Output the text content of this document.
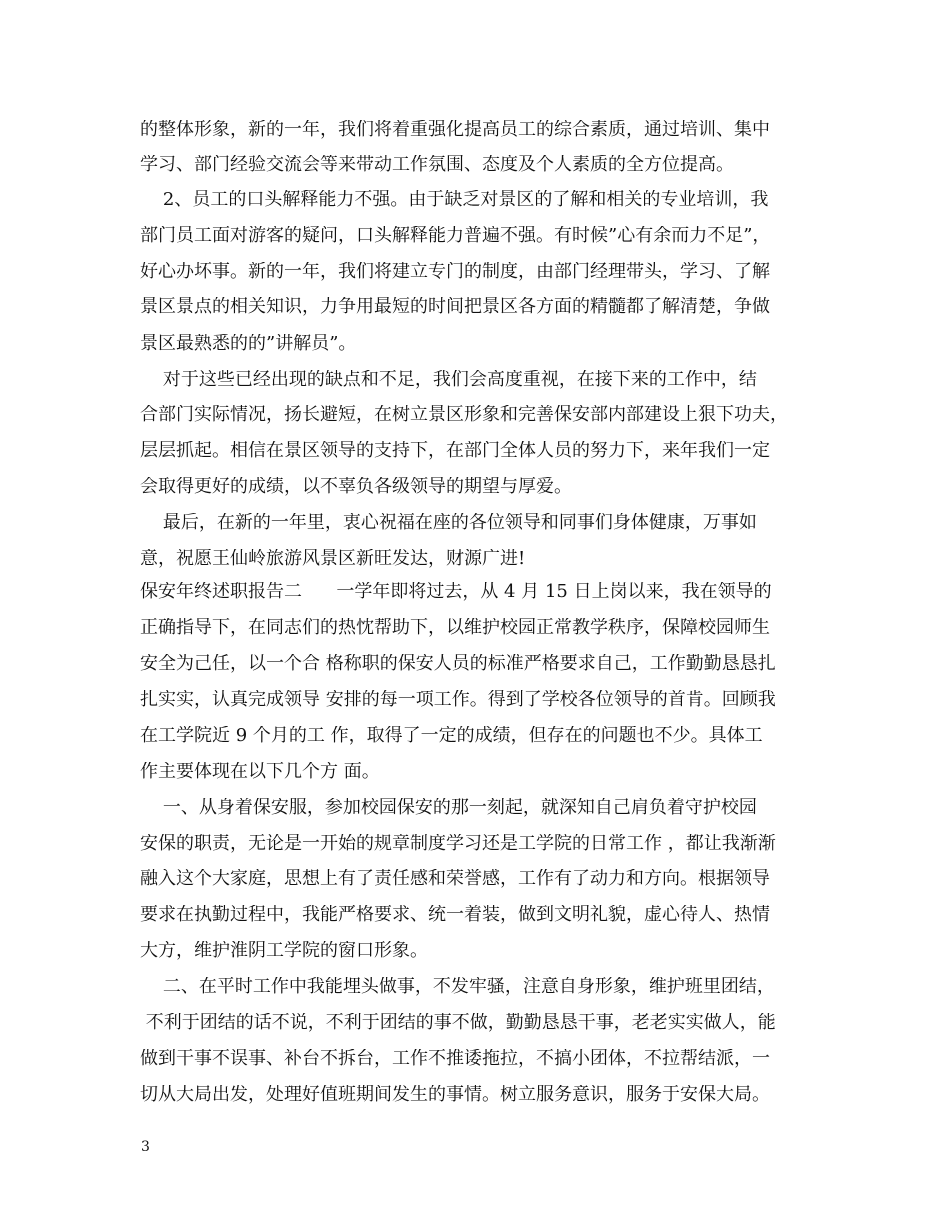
的整体形象，新的一年，我们将着重强化提高员工的综合素质，通过培训、集中
学习、部门经验交流会等来带动工作氛围、态度及个人素质的全方位提高。
2、员工的口头解释能力不强。由于缺乏对景区的了解和相关的专业培训，我
部门员工面对游客的疑问，口头解释能力普遍不强。有时候”心有余而力不足”，
好心办坏事。新的一年，我们将建立专门的制度，由部门经理带头，学习、了解
景区景点的相关知识，力争用最短的时间把景区各方面的精髓都了解清楚，争做
景区最熟悉的的”讲解员”。
对于这些已经出现的缺点和不足，我们会高度重视，在接下来的工作中，结
合部门实际情况，扬长避短，在树立景区形象和完善保安部内部建设上狠下功夫，
层层抓起。相信在景区领导的支持下，在部门全体人员的努力下，来年我们一定
会取得更好的成绩，以不辜负各级领导的期望与厚爱。
最后，在新的一年里，衷心祝福在座的各位领导和同事们身体健康，万事如
意，祝愿王仙岭旅游风景区新旺发达，财源广进!
保安年终述职报告二      一学年即将过去，从 4 月 15 日上岗以来，我在领导的
正确指导下，在同志们的热忱帮助下，以维护校园正常教学秩序，保障校园师生
安全为己任，以一个合 格称职的保安人员的标准严格要求自己，工作勤勤恳恳扎
扎实实，认真完成领导 安排的每一项工作。得到了学校各位领导的首肯。回顾我
在工学院近 9 个月的工 作，取得了一定的成绩，但存在的问题也不少。具体工
作主要体现在以下几个方 面。
一、从身着保安服，参加校园保安的那一刻起，就深知自己肩负着守护校园
安保的职责，无论是一开始的规章制度学习还是工学院的日常工作 ，都让我渐渐
融入这个大家庭，思想上有了责任感和荣誉感，工作有了动力和方向。根据领导
要求在执勤过程中，我能严格要求、统一着装，做到文明礼貌，虚心待人、热情
大方，维护淮阴工学院的窗口形象。
二、在平时工作中我能埋头做事，不发牢骚，注意自身形象，维护班里团结，
不利于团结的话不说，不利于团结的事不做，勤勤恳恳干事，老老实实做人，能
做到干事不误事、补台不拆台，工作不推诿拖拉，不搞小团体，不拉帮结派，一
切从大局出发，处理好值班期间发生的事情。树立服务意识，服务于安保大局。
3
